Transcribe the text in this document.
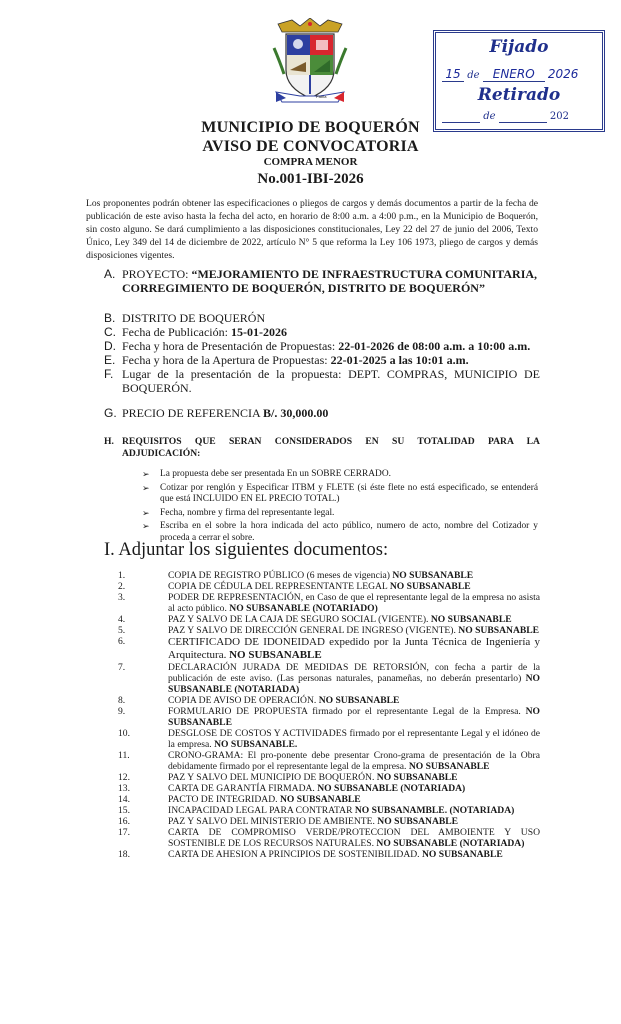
Patria
Fijado
15 de ENERO 2026
Retirado
de	202
MUNICIPIO DE BOQUERÓN
AVISO DE CONVOCATORIA
COMPRA MENOR
No.001-IBI-2026
Los proponentes podrán obtener las especificaciones o pliegos de cargos y demás documentos a partir de la fecha de publicación de este aviso hasta la fecha del acto, en horario de 8:00 a.m. a 4:00 p.m., en la Municipio de Boquerón, sin costo alguno. Se dará cumplimiento a las disposiciones constitucionales, Ley 22 del 27 de junio del 2006, Texto Único, Ley 349 del 14 de diciembre de 2022, artículo N° 5 que reforma la Ley 106 1973, pliego de cargos y demás disposiciones vigentes.
A. PROYECTO: “MEJORAMIENTO DE INFRAESTRUCTURA COMUNITARIA, CORREGIMIENTO DE BOQUERÓN, DISTRITO DE BOQUERÓN”
B. DISTRITO DE BOQUERÓN
C. Fecha de Publicación: 15-01-2026
D. Fecha y hora de Presentación de Propuestas: 22-01-2026 de 08:00 a.m. a 10:00 a.m.
E. Fecha y hora de la Apertura de Propuestas: 22-01-2025 a las 10:01 a.m.
F. Lugar de la presentación de la propuesta: DEPT. COMPRAS, MUNICIPIO DE BOQUERÓN.
G. PRECIO DE REFERENCIA B/. 30,000.00
H. REQUISITOS QUE SERAN CONSIDERADOS EN SU TOTALIDAD PARA LA ADJUDICACIÓN:
➢ La propuesta debe ser presentada En un SOBRE CERRADO.
➢ Cotizar por renglón y Especificar ITBM y FLETE (si éste flete no está especificado, se entenderá que está INCLUIDO EN EL PRECIO TOTAL.)
➢ Fecha, nombre y firma del representante legal.
➢ Escriba en el sobre la hora indicada del acto público, numero de acto, nombre del Cotizador y proceda a cerrar el sobre.
I. Adjuntar los siguientes documentos:
1.	COPIA DE REGISTRO PÚBLICO (6 meses de vigencia) NO SUBSANABLE
2.	COPIA DE CÉDULA DEL REPRESENTANTE LEGAL NO SUBSANABLE
3.	PODER DE REPRESENTACIÓN, en Caso de que el representante legal de la empresa no asista al acto público. NO SUBSANABLE (NOTARIADO)
4.	PAZ Y SALVO DE LA CAJA DE SEGURO SOCIAL (VIGENTE). NO SUBSANABLE
5.	PAZ Y SALVO DE DIRECCIÓN GENERAL DE INGRESO (VIGENTE). NO SUBSANABLE
6.	CERTIFICADO DE IDONEIDAD expedido por la Junta Técnica de Ingeniería y Arquitectura. NO SUBSANABLE
7.	DECLARACIÓN JURADA DE MEDIDAS DE RETORSIÓN, con fecha a partir de la publicación de este aviso. (Las personas naturales, panameñas, no deberán presentarlo) NO SUBSANABLE (NOTARIADA)
8.	COPIA DE AVISO DE OPERACIÓN. NO SUBSANABLE
9.	FORMULARIO DE PROPUESTA firmado por el representante Legal de la Empresa. NO SUBSANABLE
10.	DESGLOSE DE COSTOS Y ACTIVIDADES firmado por el representante Legal y el idóneo de la empresa. NO SUBSANABLE.
11.	CRONO-GRAMA: El pro-ponente debe presentar Crono-grama de presentación de la Obra debidamente firmado por el representante legal de la empresa. NO SUBSANABLE
12.	PAZ Y SALVO DEL MUNICIPIO DE BOQUERÓN. NO SUBSANABLE
13.	CARTA DE GARANTÍA FIRMADA. NO SUBSANABLE (NOTARIADA)
14.	PACTO DE INTEGRIDAD. NO SUBSANABLE
15.	INCAPACIDAD LEGAL PARA CONTRATAR NO SUBSANAMBLE. (NOTARIADA)
16.	PAZ Y SALVO DEL MINISTERIO DE AMBIENTE. NO SUBSANABLE
17.	CARTA DE COMPROMISO VERDE/PROTECCION DEL AMBOIENTE Y USO SOSTENIBLE DE LOS RECURSOS NATURALES. NO SUBSANABLE (NOTARIADA)
18.	CARTA DE AHESION A PRINCIPIOS DE SOSTENIBILIDAD. NO SUBSANABLE
